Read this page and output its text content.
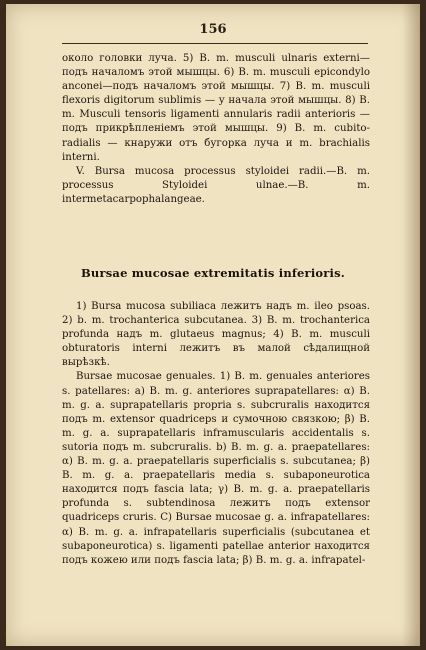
156

около головки луча. 5) B. m. musculi ulnaris externi—подъ началомъ этой мышцы. 6) B. m. musculi epicondylo anconei—подъ началомъ этой мышцы. 7) B. m. musculi flexoris digitorum sublimis — у начала этой мышцы. 8) B. m. Musculi tensoris ligamenti annularis radii anterioris — подъ прикрѣпленiемъ этой мышцы. 9) B. m. cubito-radialis — кнаружи отъ бугорка луча и m. brachialis interni.

V. Bursa mucosa processus styloidei radii.—B. m. processus Styloidei ulnae.—B. m. intermetacarpophalangeae.

Bursae mucosae extremitatis inferioris.

1) Bursa mucosa subiliaca лежитъ надъ m. ileo psoas. 2) b. m. trochanterica subcutanea. 3) B. m. trochanterica profunda надъ m. glutaeus magnus; 4) B. m. musculi obturatoris interni лежитъ въ малой сѣдалищной вырѣзкѣ.

Bursae mucosae genuales. 1) B. m. genuales anteriores s. patellares: a) B. m. g. anteriores suprapatellares: α) B. m. g. a. suprapatellaris propria s. subcruralis находится подъ m. extensor quadriceps и сумочною связкою; β) B. m. g. a. suprapatellaris inframuscularis accidentalis s. sutoria подъ m. subcruralis. b) B. m. g. a. praepatellares: α) B. m. g. a. praepatellaris superficialis s. subcutanea; β) B. m. g. a. praepatellaris media s. subaponeurotica находится подъ fascia lata; γ) B. m. g. a. praepatellaris profunda s. subtendinosa лежитъ подъ extensor quadriceps cruris. C) Bursae mucosae g. a. infrapatellares: α) B. m. g. a. infrapatellaris superficialis (subcutanea et subaponeurotica) s. ligamenti patellae anterior находится подъ кожею или подъ fascia lata; β) B. m. g. a. infrapatel-
